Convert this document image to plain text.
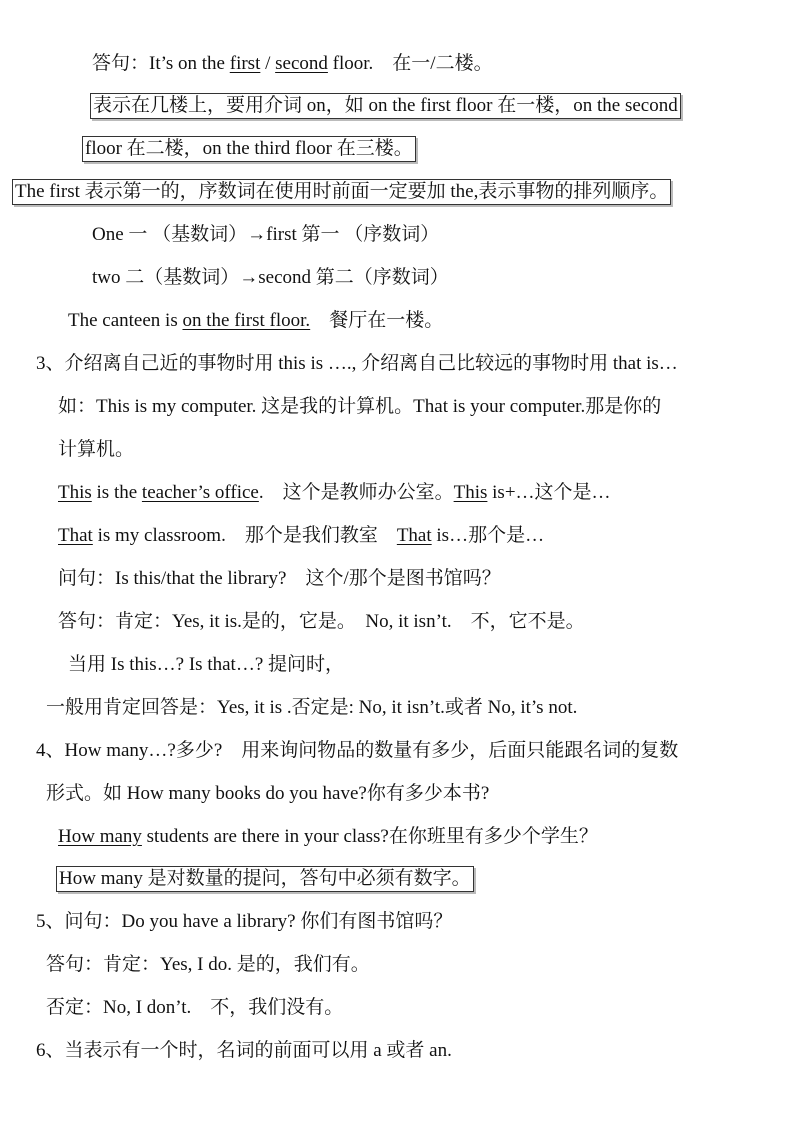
答句：It’s on the first / second floor.　在一/二楼。
表示在几楼上，要用介词 on，如 on the first floor 在一楼，on the second
floor 在二楼，on the third floor 在三楼。
The first 表示第一的，序数词在使用时前面一定要加 the,表示事物的排列顺序。
One 一 （基数词）→first 第一 （序数词）
two 二（基数词）→second 第二（序数词）
The canteen is on the first floor.　餐厅在一楼。
3、介绍离自己近的事物时用 this is …., 介绍离自己比较远的事物时用 that is…
如：This is my computer. 这是我的计算机。That is your computer.那是你的
计算机。
This is the teacher’s office.　这个是教师办公室。This is+…这个是…
That is my classroom.　那个是我们教室　That is…那个是…
问句：Is this/that the library?　这个/那个是图书馆吗？
答句：肯定：Yes, it is.是的，它是。　No, it isn’t.　不，它不是。
当用 Is this…? Is that…? 提问时，
一般用肯定回答是：Yes, it is .否定是: No, it isn’t.或者 No, it’s not.
4、How many…?多少?　用来询问物品的数量有多少，后面只能跟名词的复数
形式。如 How many books do you have?你有多少本书?
How many students are there in your class?在你班里有多少个学生？
How many 是对数量的提问，答句中必须有数字。
5、问句：Do you have a library? 你们有图书馆吗？
答句：肯定：Yes, I do. 是的，我们有。
否定：No, I don’t.　不，我们没有。
6、当表示有一个时，名词的前面可以用 a 或者 an.
